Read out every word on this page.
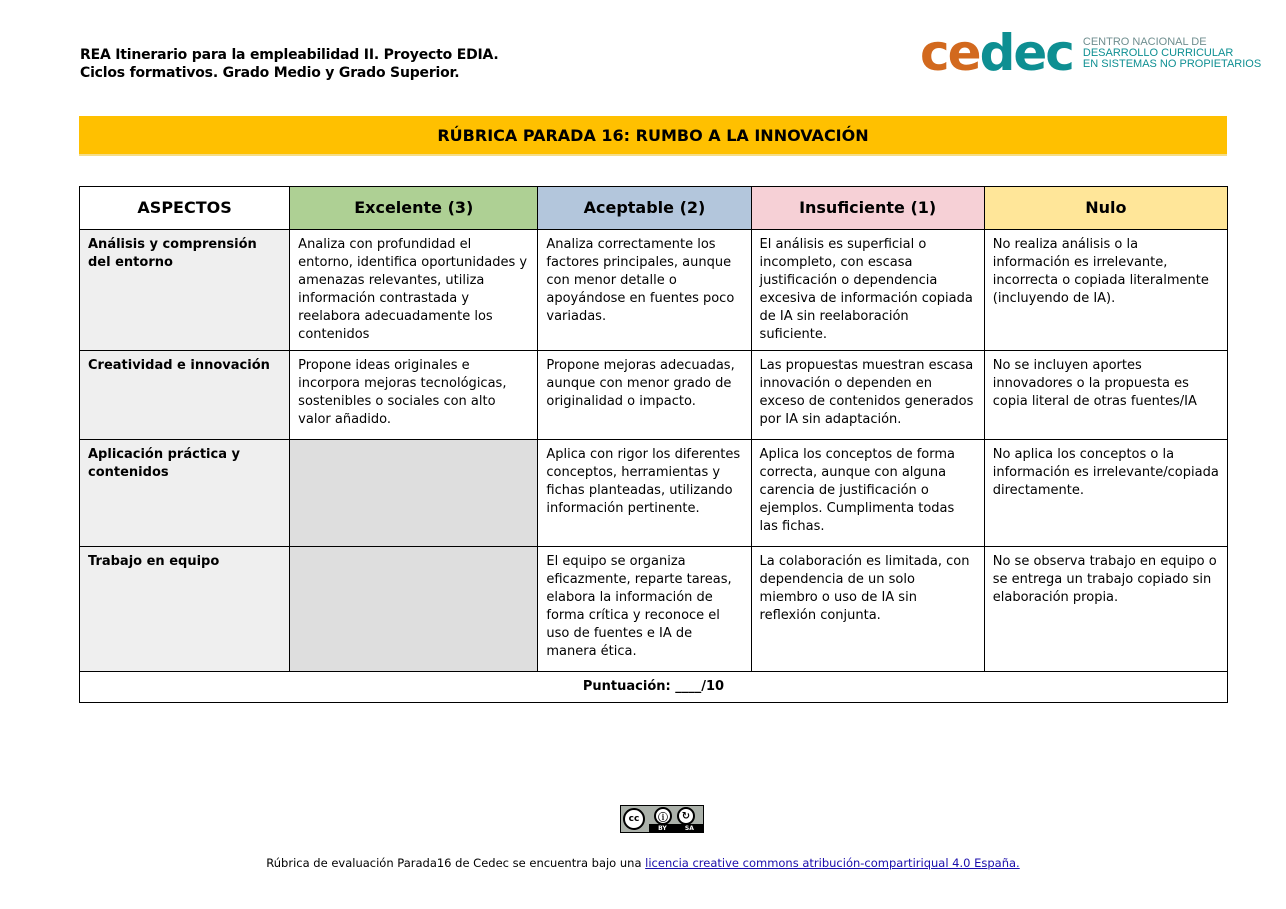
REA Itinerario para la empleabilidad II. Proyecto EDIA.
Ciclos formativos. Grado Medio y Grado Superior.	cedec CENTRO NACIONAL DE
DESARROLLO CURRICULAR
EN SISTEMAS NO PROPIETARIOS
RÚBRICA PARADA 16: RUMBO A LA INNOVACIÓN
ASPECTOS	Excelente (3)	Aceptable (2)	Insuficiente (1)	Nulo
Análisis y comprensión del entorno	Analiza con profundidad el entorno, identifica oportunidades y amenazas relevantes, utiliza información contrastada y reelabora adecuadamente los contenidos	Analiza correctamente los factores principales, aunque con menor detalle o apoyándose en fuentes poco variadas.	El análisis es superficial o incompleto, con escasa justificación o dependencia excesiva de información copiada de IA sin reelaboración suficiente.	No realiza análisis o la información es irrelevante, incorrecta o copiada literalmente (incluyendo de IA).
Creatividad e innovación	Propone ideas originales e incorpora mejoras tecnológicas, sostenibles o sociales con alto valor añadido.	Propone mejoras adecuadas, aunque con menor grado de originalidad o impacto.	Las propuestas muestran escasa innovación o dependen en exceso de contenidos generados por IA sin adaptación.	No se incluyen aportes innovadores o la propuesta es copia literal de otras fuentes/IA
Aplicación práctica y contenidos		Aplica con rigor los diferentes conceptos, herramientas y fichas planteadas, utilizando información pertinente.	Aplica los conceptos de forma correcta, aunque con alguna carencia de justificación o ejemplos. Cumplimenta todas las fichas.	No aplica los conceptos o la información es irrelevante/copiada directamente.
Trabajo en equipo		El equipo se organiza eficazmente, reparte tareas, elabora la información de forma crítica y reconoce el uso de fuentes e IA de manera ética.	La colaboración es limitada, con dependencia de un solo miembro o uso de IA sin reflexión conjunta.	No se observa trabajo en equipo o se entrega un trabajo copiado sin elaboración propia.
Puntuación: ____/10				
cc	ⓘ	↻
BY	SA
Rúbrica de evaluación Parada16 de Cedec se encuentra bajo una licencia creative commons atribución-compartiriqual 4.0 España.
